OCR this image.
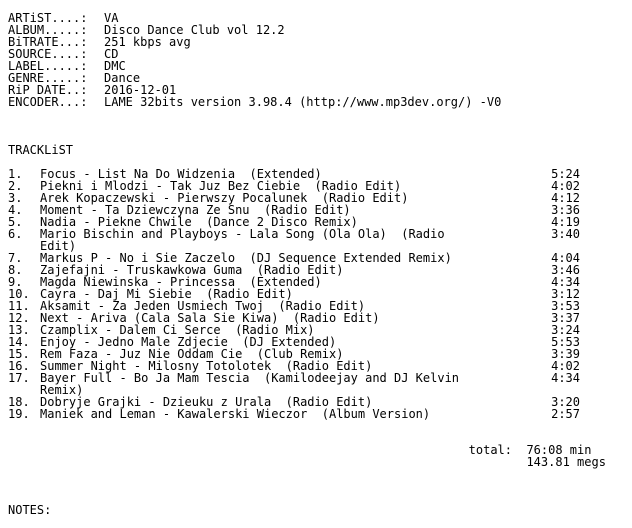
ARTiST....:	VA
ALBUM.....:	Disco Dance Club vol 12.2
BiTRATE...:	251 kbps avg
SOURCE....:	CD
LABEL.....:	DMC
GENRE.....:	Dance
RiP DATE..:	2016-12-01
ENCODER...:	LAME 32bits version 3.98.4 (http://www.mp3dev.org/) -V0
TRACKLiST
1.	Focus - List Na Do Widzenia  (Extended)	5:24
2.	Piekni i Mlodzi - Tak Juz Bez Ciebie  (Radio Edit)	4:02
3.	Arek Kopaczewski - Pierwszy Pocalunek  (Radio Edit)	4:12
4.	Moment - Ta Dziewczyna Ze Snu  (Radio Edit)	3:36
5.	Nadia - Piekne Chwile  (Dance 2 Disco Remix)	4:19
6.	Mario Bischin and Playboys - Lala Song (Ola Ola)  (Radio	3:40
Edit)
7.	Markus P - No i Sie Zaczelo  (DJ Sequence Extended Remix)	4:04
8.	Zajefajni - Truskawkowa Guma  (Radio Edit)	3:46
9.	Magda Niewinska - Princessa  (Extended)	4:34
10. Cayra - Daj Mi Siebie  (Radio Edit)	3:12
11. Aksamit - Za Jeden Usmiech Twoj  (Radio Edit)	3:53
12. Next - Ariva (Cala Sala Sie Kiwa)  (Radio Edit)	3:37
13. Czamplix - Dalem Ci Serce  (Radio Mix)	3:24
14. Enjoy - Jedno Male Zdjecie  (DJ Extended)	5:53
15. Rem Faza - Juz Nie Oddam Cie  (Club Remix)	3:39
16. Summer Night - Milosny Totolotek  (Radio Edit)	4:02
17. Bayer Full - Bo Ja Mam Tescia  (Kamilodeejay and DJ Kelvin	4:34
Remix)
18. Dobryje Grajki - Dzieuku z Urala  (Radio Edit)	3:20
19. Maniek and Leman - Kawalerski Wieczor  (Album Version)	2:57
total:	76:08 min
143.81 megs
NOTES:
